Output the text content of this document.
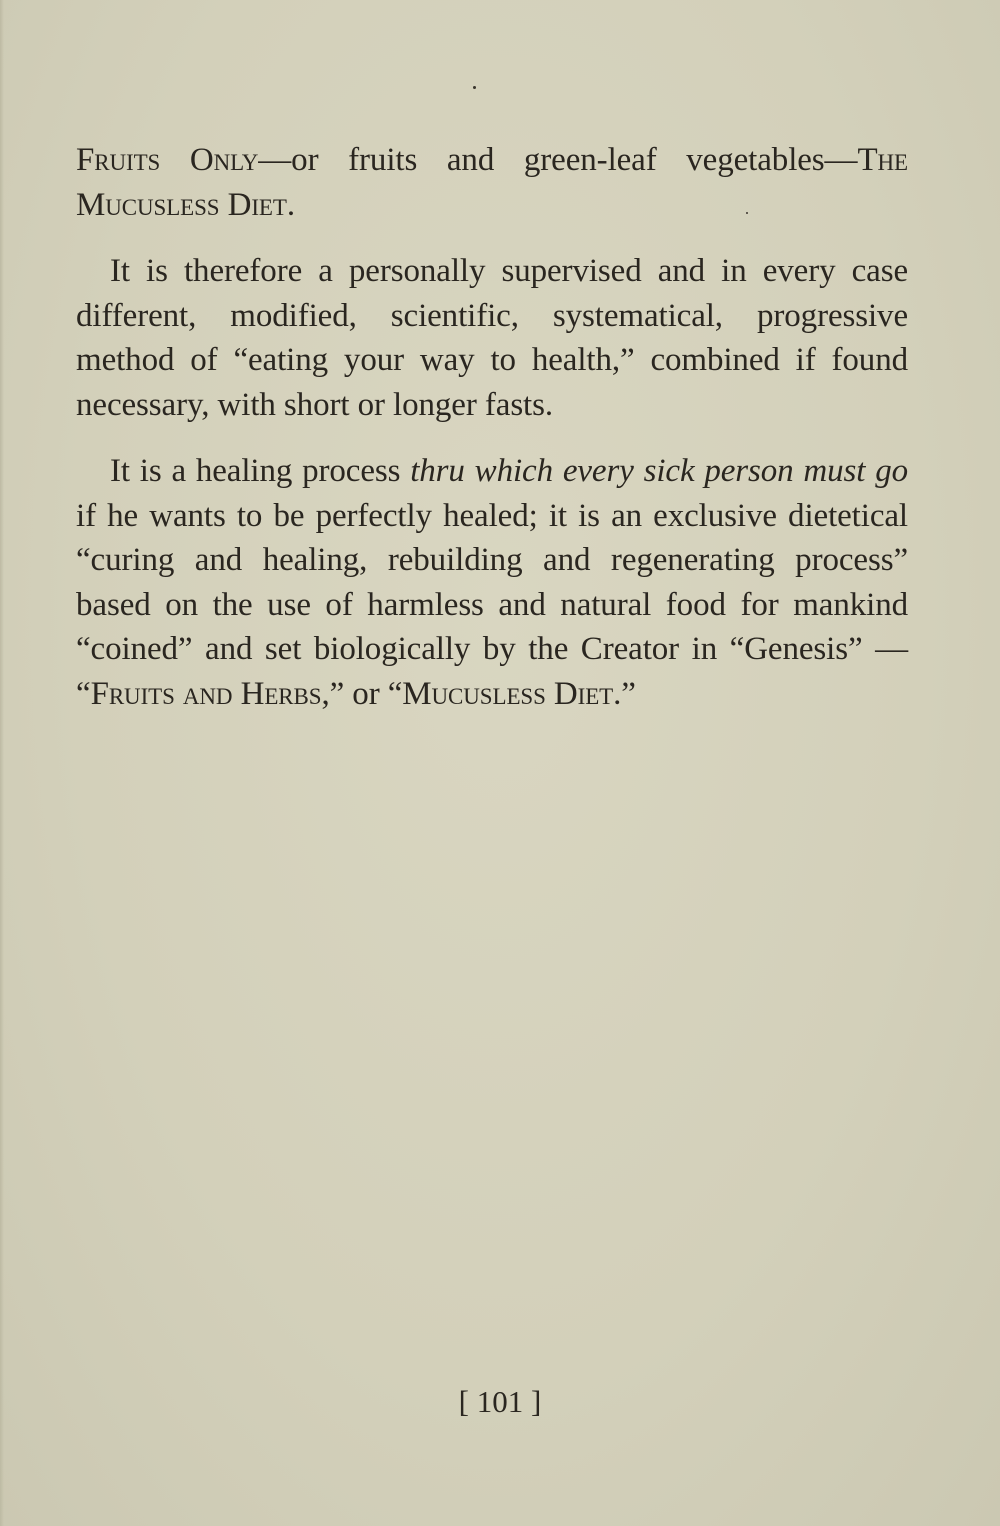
Fruits Only—or fruits and green-leaf vegetables—The Mucusless Diet.

It is therefore a personally supervised and in every case different, modified, scientific, systematical, progressive method of “eating your way to health,” combined if found necessary, with short or longer fasts.

It is a healing process thru which every sick person must go if he wants to be perfectly healed; it is an exclusive dietetical “curing and healing, rebuilding and regenerating process” based on the use of harmless and natural food for mankind “coined” and set biologically by the Creator in “Genesis” — “Fruits and Herbs,” or “Mucusless Diet.”

[ 101 ]
